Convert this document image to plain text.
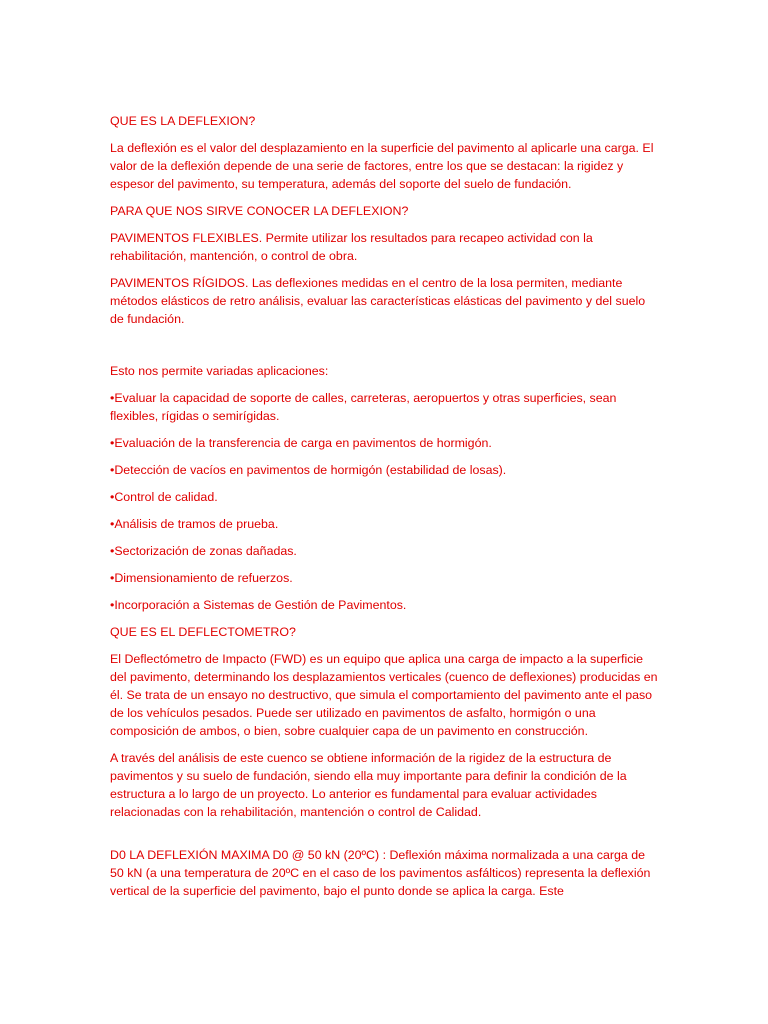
QUE ES LA DEFLEXION?

La deflexión es el valor del desplazamiento en la superficie del pavimento al aplicarle una carga. El valor de la deflexión depende de una serie de factores, entre los que se destacan: la rigidez y espesor del pavimento, su temperatura, además del soporte del suelo de fundación.

PARA QUE NOS SIRVE CONOCER LA DEFLEXION?

PAVIMENTOS FLEXIBLES. Permite utilizar los resultados para recapeo actividad con la rehabilitación, mantención, o control de obra.

PAVIMENTOS RÍGIDOS. Las deflexiones medidas en el centro de la losa permiten, mediante métodos elásticos de retro análisis, evaluar las características elásticas del pavimento y del suelo de fundación.

Esto nos permite variadas aplicaciones:

•Evaluar la capacidad de soporte de calles, carreteras, aeropuertos y otras superficies, sean flexibles, rígidas o semirígidas.

•Evaluación de la transferencia de carga en pavimentos de hormigón.

•Detección de vacíos en pavimentos de hormigón (estabilidad de losas).

•Control de calidad.

•Análisis de tramos de prueba.

•Sectorización de zonas dañadas.

•Dimensionamiento de refuerzos.

•Incorporación a Sistemas de Gestión de Pavimentos.

QUE ES EL DEFLECTOMETRO?

El Deflectómetro de Impacto (FWD) es un equipo que aplica una carga de impacto a la superficie del pavimento, determinando los desplazamientos verticales (cuenco de deflexiones) producidas en él. Se trata de un ensayo no destructivo, que simula el comportamiento del pavimento ante el paso de los vehículos pesados. Puede ser utilizado en pavimentos de asfalto, hormigón o una composición de ambos, o bien, sobre cualquier capa de un pavimento en construcción.

A través del análisis de este cuenco se obtiene información de la rigidez de la estructura de pavimentos y su suelo de fundación, siendo ella muy importante para definir la condición de la estructura a lo largo de un proyecto. Lo anterior es fundamental para evaluar actividades relacionadas con la rehabilitación, mantención o control de Calidad.

D0 LA DEFLEXIÓN MAXIMA D0 @ 50 kN (20ºC) : Deflexión máxima normalizada a una carga de 50 kN (a una temperatura de 20ºC en el caso de los pavimentos asfálticos) representa la deflexión vertical de la superficie del pavimento, bajo el punto donde se aplica la carga. Este
